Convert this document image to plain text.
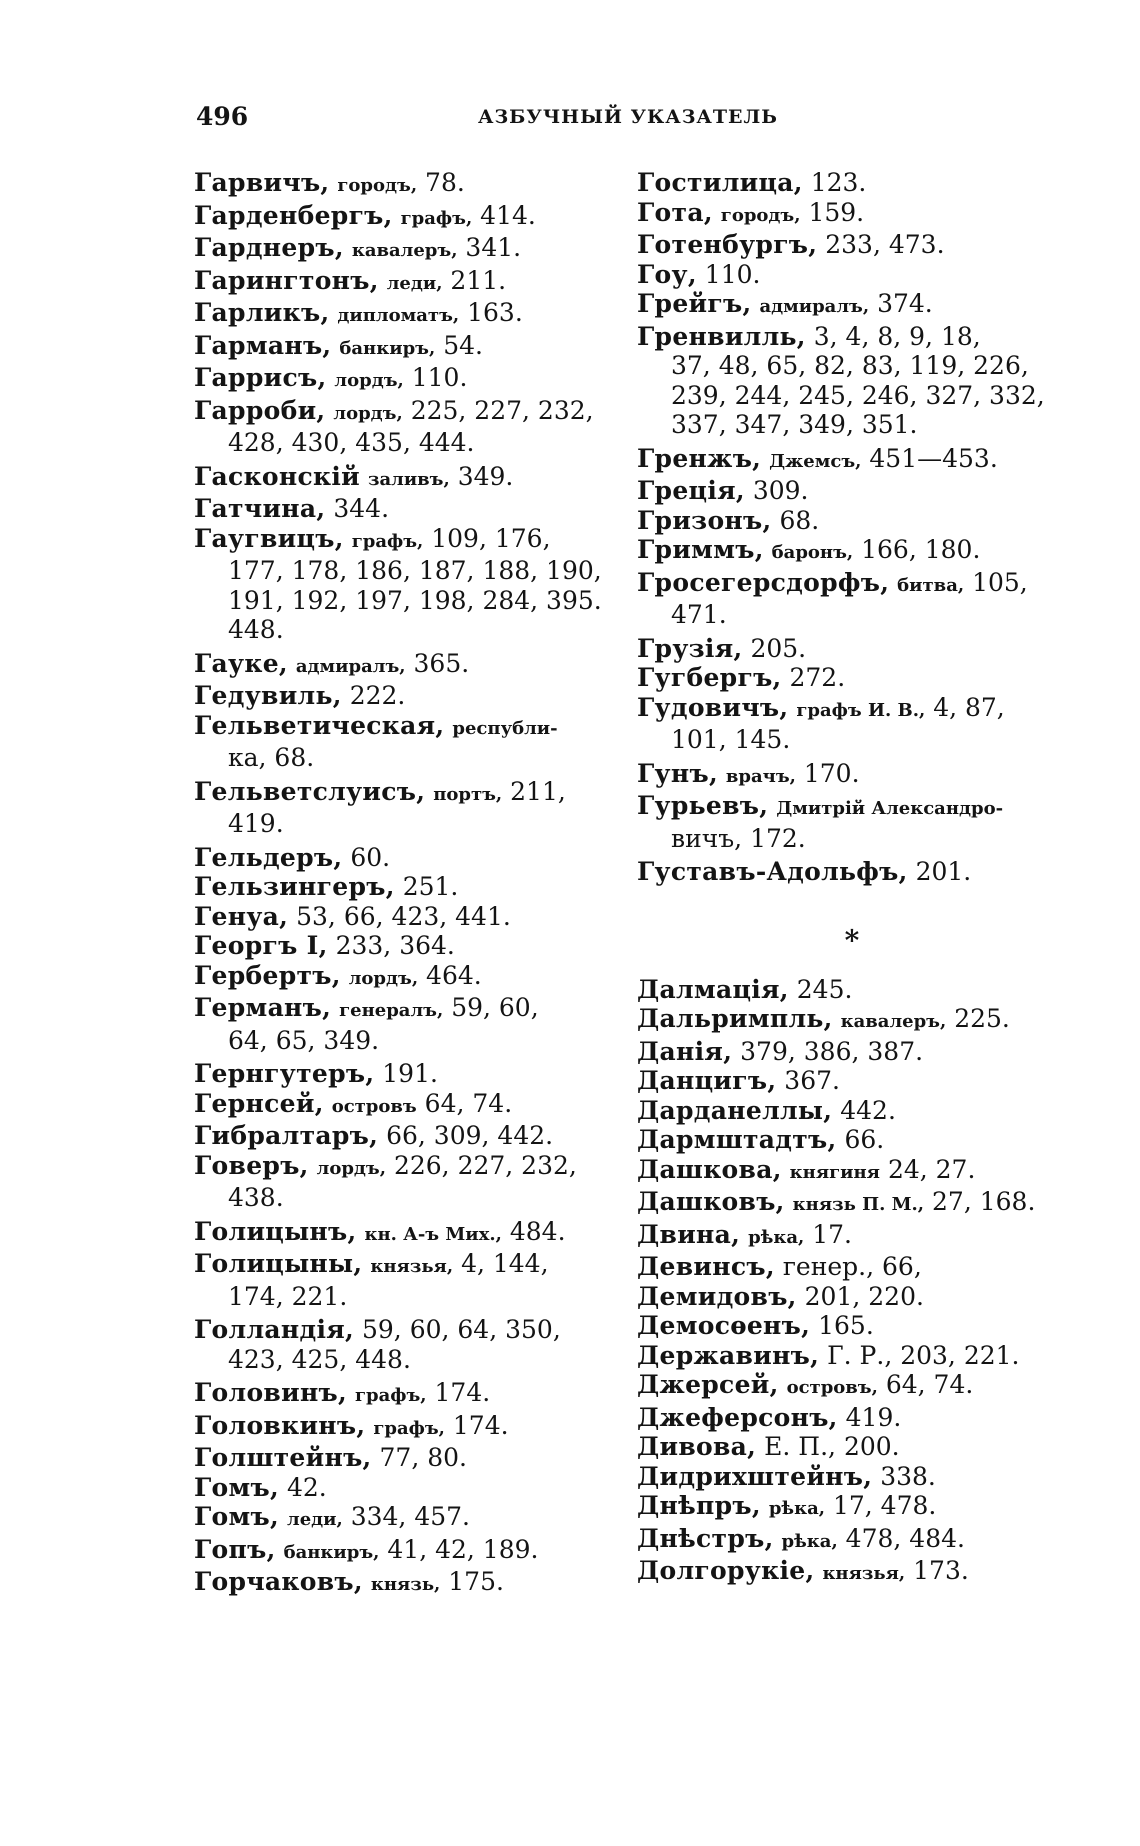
496	АЗБУЧНЫЙ УКАЗАТЕЛЬ
Гарвичъ, городъ, 78.
Гарденбергъ, графъ, 414.
Гарднеръ, кавалеръ, 341.
Гарингтонъ, леди, 211.
Гарликъ, дипломатъ, 163.
Гарманъ, банкиръ, 54.
Гаррисъ, лордъ, 110.
Гарроби, лордъ, 225, 227, 232,
428, 430, 435, 444.
Гасконскій заливъ, 349.
Гатчина, 344.
Гаугвицъ, графъ, 109, 176,
177, 178, 186, 187, 188, 190, 191, 192, 197, 198, 284, 395. 448.
Гауке, адмиралъ, 365.
Гедувиль, 222.
Гельветическая, республи-
ка, 68.
Гельветслуисъ, портъ, 211,
419.
Гельдеръ, 60.
Гельзингеръ, 251.
Генуа, 53, 66, 423, 441.
Георгъ I, 233, 364.
Гербертъ, лордъ, 464.
Германъ, генералъ, 59, 60,
64, 65, 349.
Гернгутеръ, 191.
Гернсей, островъ 64, 74.
Гибралтаръ, 66, 309, 442.
Говеръ, лордъ, 226, 227, 232,
438.
Голицынъ, кн. А-ъ Мих., 484.
Голицыны, князья, 4, 144,
174, 221.
Голландія, 59, 60, 64, 350,
423, 425, 448.
Головинъ, графъ, 174.
Головкинъ, графъ, 174.
Голштейнъ, 77, 80.
Гомъ, 42.
Гомъ, леди, 334, 457.
Гопъ, банкиръ, 41, 42, 189.
Горчаковъ, князь, 175.
Гостилица, 123.
Гота, городъ, 159.
Готенбургъ, 233, 473.
Гоу, 110.
Грейгъ, адмиралъ, 374.
Гренвилль, 3, 4, 8, 9, 18,
37, 48, 65, 82, 83, 119, 226, 239, 244, 245, 246, 327, 332, 337, 347, 349, 351.
Гренжъ, Джемсъ, 451—453.
Греція, 309.
Гризонъ, 68.
Гриммъ, баронъ, 166, 180.
Гросегерсдорфъ, битва, 105,
471.
Грузія, 205.
Гугбергъ, 272.
Гудовичъ, графъ И. В., 4, 87,
101, 145.
Гунъ, врачъ, 170.
Гурьевъ, Дмитрій Александро-
вичъ, 172.
Густавъ-Адольфъ, 201.
*
Далмація, 245.
Дальримпль, кавалеръ, 225.
Данія, 379, 386, 387.
Данцигъ, 367.
Дарданеллы, 442.
Дармштадтъ, 66.
Дашкова, княгиня 24, 27.
Дашковъ, князь П. М., 27, 168.
Двина, рѣка, 17.
Девинсъ, генер., 66,
Демидовъ, 201, 220.
Демосѳенъ, 165.
Державинъ, Г. Р., 203, 221.
Джерсей, островъ, 64, 74.
Джеферсонъ, 419.
Дивова, Е. П., 200.
Дидрихштейнъ, 338.
Днѣпръ, рѣка, 17, 478.
Днѣстръ, рѣка, 478, 484.
Долгорукіе, князья, 173.
